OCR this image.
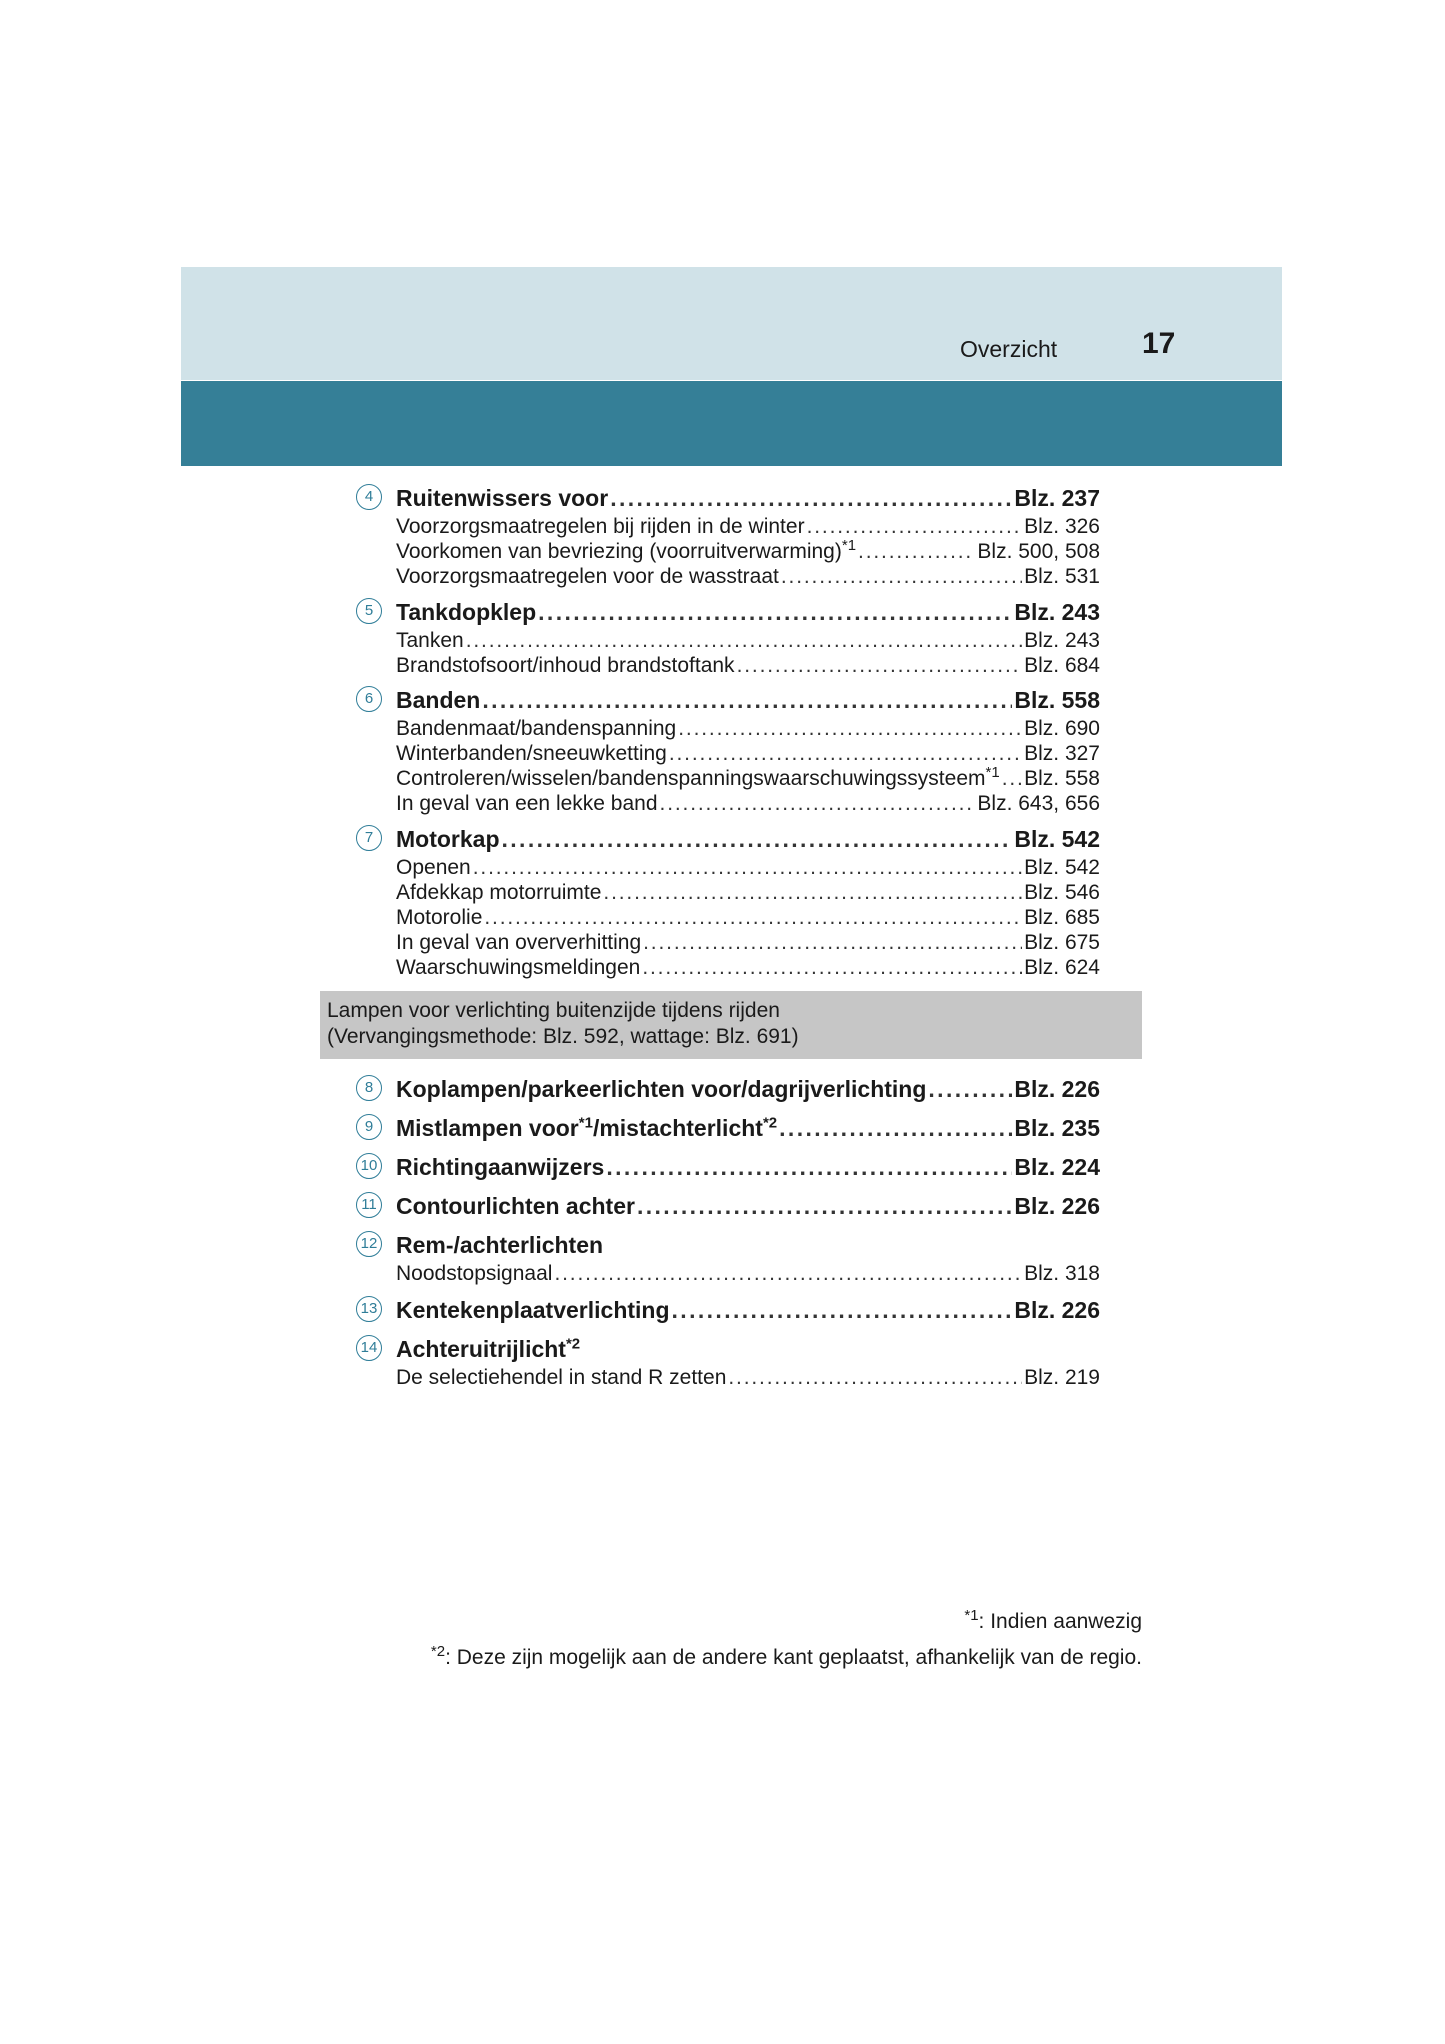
Overzicht	17
4 Ruitenwissers voor . . .	Blz. 237
Voorzorgsmaatregelen bij rijden in de winter . . .	Blz. 326
Voorkomen van bevriezing (voorruitverwarming)$^{*1}$ . . .	Blz. 500, 508
Voorzorgsmaatregelen voor de wasstraat . . .	Blz. 531
5 Tankdopklep . . .	Blz. 243
Tanken . . .	Blz. 243
Brandstofsoort/inhoud brandstoftank . . .	Blz. 684
6 Banden . . .	Blz. 558
Bandenmaat/bandenspanning . . .	Blz. 690
Winterbanden/sneeuwketting . . .	Blz. 327
Controleren/wisselen/bandenspanningswaarschuwingssysteem$^{*1}$ . . . Blz. 558
In geval van een lekke band . . .	Blz. 643, 656
7 Motorkap . . .	Blz. 542
Openen . . .	Blz. 542
Afdekkap motorruimte . . .	Blz. 546
Motorolie . . .	Blz. 685
In geval van oververhitting . . .	Blz. 675
Waarschuwingsmeldingen . . .	Blz. 624
Lampen voor verlichting buitenzijde tijdens rijden
(Vervangingsmethode: Blz. 592, wattage: Blz. 691)
8 Koplampen/parkeerlichten voor/dagrijverlichting . . .	Blz. 226
9 Mistlampen voor$^{*1}$/mistachterlicht$^{*2}$ . . .	Blz. 235
10 Richtingaanwijzers . . .	Blz. 224
11 Contourlichten achter . . .	Blz. 226
12 Rem-/achterlichten
Noodstopsignaal . . .	Blz. 318
13 Kentekenplaatverlichting . . .	Blz. 226
14 Achteruitrijlicht$^{*2}$
De selectiehendel in stand R zetten . . .	Blz. 219
$^{*1}$: Indien aanwezig
$^{*2}$: Deze zijn mogelijk aan de andere kant geplaatst, afhankelijk van de regio.
